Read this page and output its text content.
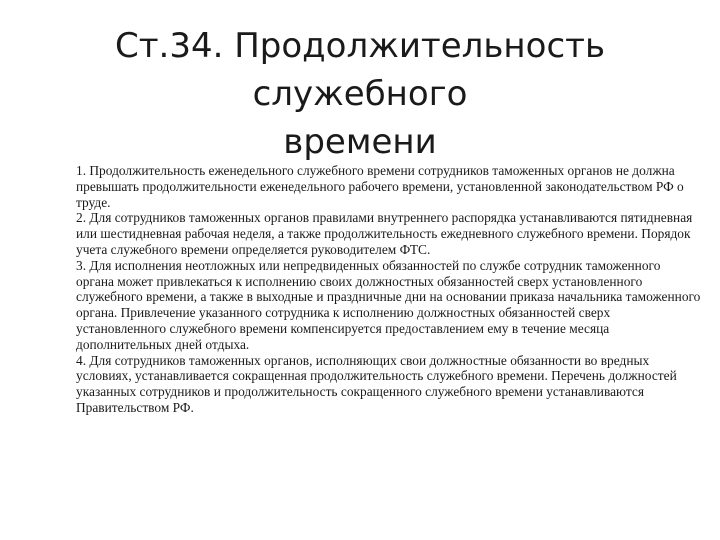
Ст.34. Продолжительность служебного
времени

1. Продолжительность еженедельного служебного времени сотрудников таможенных органов не должна превышать продолжительности еженедельного рабочего времени, установленной законодательством РФ о труде.

2. Для сотрудников таможенных органов правилами внутреннего распорядка устанавливаются пятидневная или шестидневная рабочая неделя, а также продолжительность ежедневного служебного времени. Порядок учета служебного времени определяется руководителем ФТС.

3. Для исполнения неотложных или непредвиденных обязанностей по службе сотрудник таможенного органа может привлекаться к исполнению своих должностных обязанностей сверх установленного служебного времени, а также в выходные и праздничные дни на основании приказа начальника таможенного органа. Привлечение указанного сотрудника к исполнению должностных обязанностей сверх установленного служебного времени компенсируется предоставлением ему в течение месяца дополнительных дней отдыха.

4. Для сотрудников таможенных органов, исполняющих свои должностные обязанности во вредных условиях, устанавливается сокращенная продолжительность служебного времени. Перечень должностей указанных сотрудников и продолжительность сокращенного служебного времени устанавливаются Правительством РФ.
